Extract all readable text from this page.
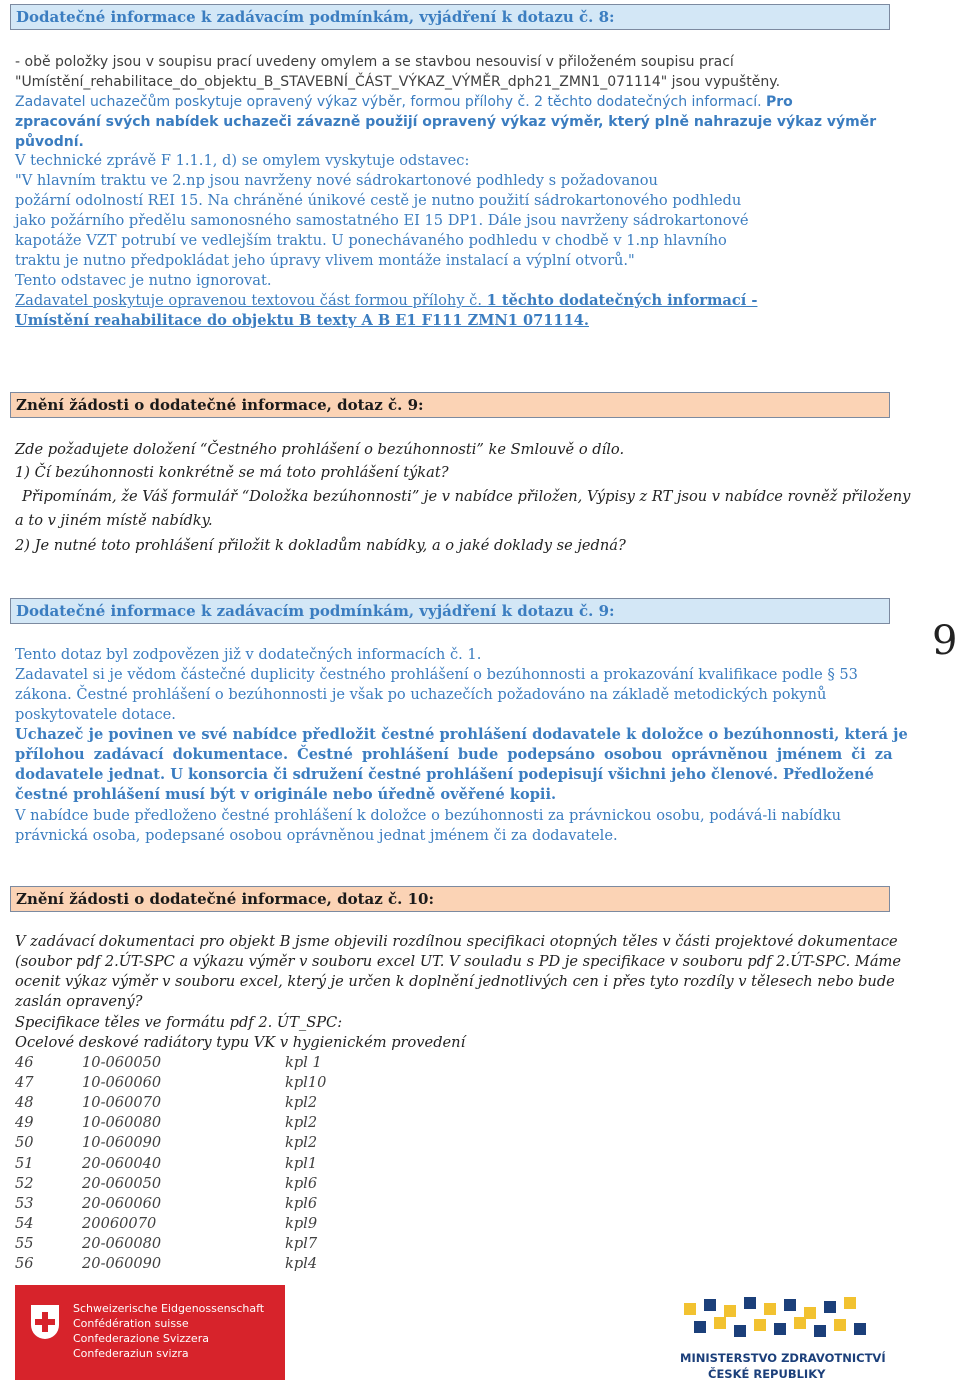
Dodatečné informace k zadávacím podmínkám, vyjádření k dotazu č. 8:
- obě položky jsou v soupisu prací uvedeny omylem a se stavbou nesouvisí v přiloženém soupisu prací
"Umístění_rehabilitace_do_objektu_B_STAVEBNÍ_ČÁST_VÝKAZ_VÝMĚR_dph21_ZMN1_071114" jsou vypuštěny.
Zadavatel uchazečům poskytuje opravený výkaz výběr, formou přílohy č. 2 těchto dodatečných informací. Pro
zpracování svých nabídek uchazeči závazně použijí opravený výkaz výměr, který plně nahrazuje výkaz výměr
původní.
V technické zprávě F 1.1.1, d) se omylem vyskytuje odstavec:
"V hlavním traktu ve 2.np jsou navrženy nové sádrokartonové podhledy s požadovanou
požární odolností REI 15. Na chráněné únikové cestě je nutno použití sádrokartonového podhledu
jako požárního předělu samonosného samostatného EI 15 DP1. Dále jsou navrženy sádrokartonové
kapotáže VZT potrubí ve vedlejším traktu. U ponechávaného podhledu v chodbě v 1.np hlavního
traktu je nutno předpokládat jeho úpravy vlivem montáže instalací a výplní otvorů."
Tento odstavec je nutno ignorovat.
Zadavatel poskytuje opravenou textovou část formou přílohy č. 1 těchto dodatečných informací -
Umístění reahabilitace do objektu B texty A B E1 F111 ZMN1 071114.
Znění žádosti o dodatečné informace, dotaz č. 9:
Zde požadujete doložení “Čestného prohlášení o bezúhonnosti” ke Smlouvě o dílo.
1) Čí bezúhonnosti konkrétně se má toto prohlášení týkat?
Připomínám, že Váš formulář “Doložka bezúhonnosti” je v nabídce přiložen, Výpisy z RT jsou v nabídce rovněž přiloženy
a to v jiném místě nabídky.
2) Je nutné toto prohlášení přiložit k dokladům nabídky, a o jaké doklady se jedná?
Dodatečné informace k zadávacím podmínkám, vyjádření k dotazu č. 9:
Tento dotaz byl zodpovězen již v dodatečných informacích č. 1.
Zadavatel si je vědom částečné duplicity čestného prohlášení o bezúhonnosti a prokazování kvalifikace podle § 53
zákona. Čestné prohlášení o bezúhonnosti je však po uchazečích požadováno na základě metodických pokynů
poskytovatele dotace.
Uchazeč je povinen ve své nabídce předložit čestné prohlášení dodavatele k doložce o bezúhonnosti, která je
přílohou zadávací dokumentace. Čestné prohlášení bude podepsáno osobou oprávněnou jménem či za
dodavatele jednat. U konsorcia či sdružení čestné prohlášení podepisují všichni jeho členové. Předložené
čestné prohlášení musí být v originále nebo úředně ověřené kopii.
V nabídce bude předloženo čestné prohlášení k doložce o bezúhonnosti za právnickou osobu, podává-li nabídku
právnická osoba, podepsané osobou oprávněnou jednat jménem či za dodavatele.
9
Znění žádosti o dodatečné informace, dotaz č. 10:
V zadávací dokumentaci pro objekt B jsme objevili rozdílnou specifikaci otopných těles v části projektové dokumentace
(soubor pdf 2.ÚT-SPC a výkazu výměr v souboru excel UT. V souladu s PD je specifikace v souboru pdf 2.ÚT-SPC. Máme
ocenit výkaz výměr v souboru excel, který je určen k doplnění jednotlivých cen i přes tyto rozdíly v tělesech nebo bude
zaslán opravený?
Specifikace těles ve formátu pdf 2. ÚT_SPC:
Ocelové deskové radiátory typu VK v hygienickém provedení
46	10-060050	kpl 1
47	10-060060	kpl10
48	10-060070	kpl2
49	10-060080	kpl2
50	10-060090	kpl2
51	20-060040	kpl1
52	20-060050	kpl6
53	20-060060	kpl6
54	20060070	kpl9
55	20-060080	kpl7
56	20-060090	kpl4
Schweizerische Eidgenossenschaft
Confédération suisse
Confederazione Svizzera
Confederaziun svizra	MINISTERSTVO ZDRAVOTNICTVÍ
ČESKÉ REPUBLIKY
